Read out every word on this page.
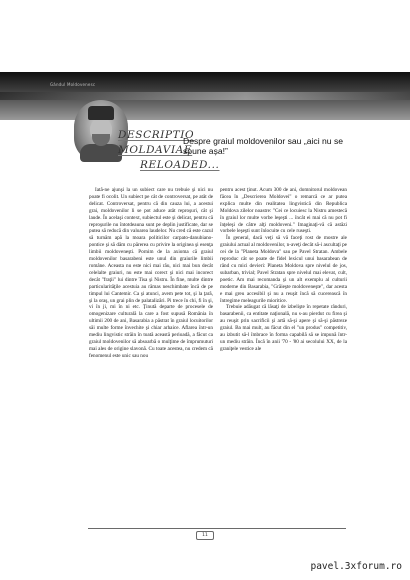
Gândul Moldovenesc
DESCRIPTIO
MOLDAVIAE
RELOADED...
Despre graiul moldovenilor sau „aici nu se spune așa!”

Iată-ne ajunşi la un subiect care nu trebuie şi nici nu poate fi ocolit. Un subiect pe cât de controversat, pe atât de delicat. Controversat, pentru că din cauza lui, a acestui grai, moldovenilor li se pot aduce atât reproşuri, cât şi laude. În acelaşi context, subiectul este şi delicat, pentru că reproşurile nu întotdeauna sunt pe deplin justificate, dar se putea să reducă din valoarea laudelor. Nu cred că este cazul să turnăm apă la moara politicilor carpato-danubiano-pontice şi să dăm cu părerea cu privire la originea şi esenţa limbii moldoveneşti. Pornim de la axioma că graiul moldovenilor basarabeni este unul din graiurile limbii române. Aceasta nu este nici mai rău, nici mai bun decât celelalte graiuri, nu este mai corect şi nici mai incorect decât "fraţii" lui dintre Tisa şi Nistru. În fine, multe dintre particularităţile acestuia au rămas neschimbate încă de pe timpul lui Cantemir. Ca şi atunci, avem pete tot, şi la ţară, şi la oraş, un grai plin de palatalizări. Pi trece în chi, fi în şi, vi în ji, mi în ni etc. Ţinută departe de procesele de omogenizare culturală la care a fost supusă România în ultimii 200 de ani, Basarabia a păstrat în graiul locuitorilor săi multe forme învechite şi chiar arhaice. Aflarea într-un mediu lingvistic străin în toată această perioadă, a făcut ca graiul moldovenilor să absoarbă o mulţime de împrumuturi mai ales de origine slavonă. Cu toate acestea, nu credem că fenomenul este unic sau nou

pentru acest ţinut. Acum 300 de ani, domnitorul moldovean făcea în „Descrierea Moldovei" o remarcă ce ar putea explica multe din realitatea lingvistică din Republica Moldova zilelor noastre: "Cei ce locuiesc la Nistru amestecă în graiul lor multe vorbe leşeşti ... încât ei mai că nu pot fi înţeleşi de către alţi moldoveni." Imaginaţi-vă că astăzi vorbele leşeşti sunt înlocuite cu cele ruseşti.

În general, dacă veţi să vă faceţi rost de mostre ale graiului actual al moldovenilor, n-aveţi decât să-i ascultaţi pe cei de la "Planeta Moldova" sau pe Pavel Stratan. Ambele reproduc cât se poate de fidel lexicul unui basarabean de rând cu mici devieri: Planeta Moldova spre nivelul de jos, subarban, trivial; Pavel Stratan spre nivelul mai elevat, cult, poetic. Am mai recomanda şi un alt exemplu al culturii moderne din Basarabia, "Grăieşte moldoveneşte", dar acesta e mai greu accesibil şi nu a reuşit încă să cucerească în întregime meleagurile mioritice.

Trebuie adăugat că lăsaţi de izbelişte în repetate rânduri, basarabenii, ca entitate naţională, nu s-au pierdut cu firea şi au reuşit prin sacrificii şi artă să-şi apere şi să-şi păstreze graiul. Ba mai mult, au făcut din el "un produs" competitiv, au izbutit să-l îmbrace în forma capabilă să se impună într-un mediu străin. Încă în anii '70 - '80 ai secolului XX, de la graniţele vestice ale

11
pavel.3xforum.ro
